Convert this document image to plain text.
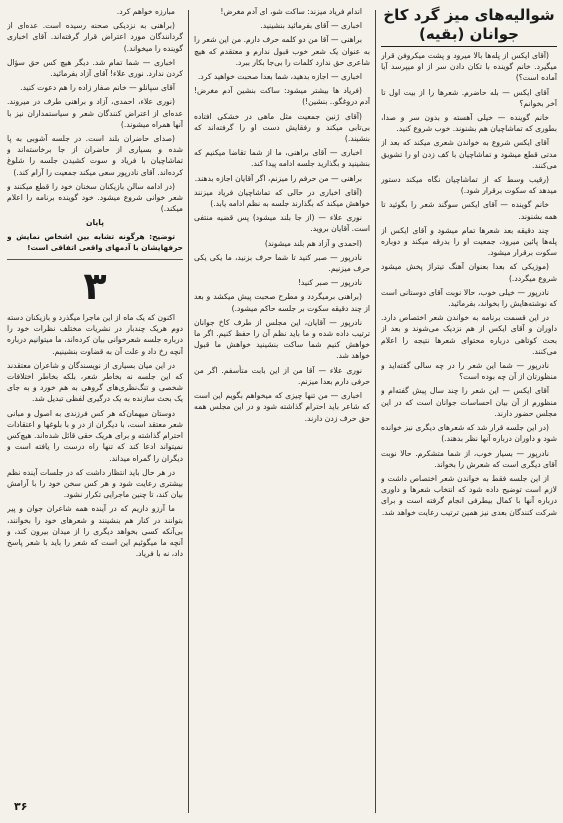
شوالیه‌های میز گرد کاخ جوانان (بقیه)

(آقای ایکس از پله‌ها بالا میرود و پشت میکروفن قرار میگیرد. خانم گوینده با تکان دادن سر از او میپرسد آیا آماده است؟)

آقای ایکس — بله حاضرم. شعرها را از بیت اول تا آخر بخوانم؟

خانم گوینده — خیلی آهسته و بدون سر و صدا، بطوری که تماشاچیان هم بشنوند. خوب شروع کنید.

آقای ایکس شروع به خواندن شعری میکند که بعد از مدتی قطع میشود و تماشاچیان با کف زدن او را تشویق می‌کنند.

(رقیب وسط که از تماشاچیان نگاه میکند دستور میدهد که سکوت برقرار شود.)

خانم گوینده — آقای ایکس سوگند شعر را بگوئید تا همه بشنوند.

چند دقیقه بعد شعرها تمام میشود و آقای ایکس از پله‌ها پائین میرود، جمعیت او را بدرقه میکند و دوباره سکوت برقرار میشود.

(موزیکی که بعدا بعنوان آهنگ تیتراژ پخش میشود شروع میگردد.)

نادرپور — خیلی خوب، حالا نوبت آقای دوستانی است که نوشته‌هایش را بخواند، بفرمائید.

در این قسمت برنامه به خواندن شعر اختصاص دارد. داوران و آقای ایکس از هم نزدیک می‌شوند و بعد از بحث کوتاهی درباره محتوای شعرها نتیجه را اعلام می‌کنند.

نادرپور — شما این شعر را در چه سالی گفته‌اید و منظورتان از آن چه بوده است؟

آقای ایکس — این شعر را چند سال پیش گفته‌ام و منظورم از آن بیان احساسات جوانان است که در این مجلس حضور دارند.

(در این جلسه قرار شد که شعرهای دیگری نیز خوانده شود و داوران درباره آنها نظر بدهند.)

نادرپور — بسیار خوب، از شما متشکرم. حالا نوبت آقای دیگری است که شعرش را بخواند.

از این جلسه فقط به خواندن شعر اختصاص داشت و لازم است توضیح داده شود که انتخاب شعرها و داوری درباره آنها با کمال بیطرفی انجام گرفته است و برای شرکت کنندگان بعدی نیز همین ترتیب رعایت خواهد شد.

اندام فریاد میزند: ساکت شو، ای آدم مغرض!

اخباری — آقای بفرمائید بنشینید.

براهنی — آقا من دو کلمه حرف دارم. من این شعر را به عنوان یک شعر خوب قبول ندارم و معتقدم که هیچ شاعری حق ندارد کلمات را بی‌جا بکار ببرد.

اخباری — اجازه بدهید، شما بعدا صحبت خواهید کرد.

(فریاد ها بیشتر میشود: ساکت بنشین آدم مغرض! آدم دروغگو.. بنشین!)

(آقای ژنین جمعیت مثل ماهی در خشکی افتاده بی‌تابی میکند و رفقایش دست او را گرفته‌اند که بنشیند.)

اخباری — آقای براهنی، ما از شما تقاضا میکنیم که بنشینید و بگذارید جلسه ادامه پیدا کند.

براهنی — من حرفم را میزنم، اگر آقایان اجازه بدهند.

(آقای اخباری در حالی که تماشاچیان فریاد میزنند خواهش میکند که بگذارند جلسه به نظم ادامه یابد.)

نوری علاء — (از جا بلند میشود) پس قضیه منتفی است. آقایان بروید.

(احمدی و آزاد هم بلند میشوند)

نادرپور — صبر کنید تا شما حرف بزنید، ما یکی یکی حرف میزنیم.

نادرپور — صبر کنید!

(براهنی برمیگردد و مطرح صحبت پیش میکشد و بعد از چند دقیقه سکوت بر جلسه حاکم میشود.)

نادرپور — آقایان، این مجلس از طرف کاخ جوانان ترتیب داده شده و ما باید نظم آن را حفظ کنیم. اگر ما خواهش کنیم شما ساکت بنشینید خواهش ما قبول خواهد شد.

نوری علاء — آقا من از این بابت متأسفم. اگر من حرفی دارم بعدا میزنم.

اخباری — من تنها چیزی که میخواهم بگویم این است که شاعر باید احترام گذاشته شود و در این مجلس همه حق حرف زدن دارند.

مبارزه خواهم کرد.

(براهنی به نزدیکی صحنه رسیده است. عده‌ای از گردانندگان مورد اعتراض قرار گرفته‌اند. آقای اخباری گوینده را میخواند.)

اخباری — شما تمام شد. دیگر هیچ کس حق سؤال کردن ندارد. نوری علاء! آقای آزاد بفرمائید.

آقای سپانلو — خانم صفار زاده را هم دعوت کنید.

(نوری علاء، احمدی، آزاد و براهنی طرف در میروند. عده‌ای از اعتراض کنندگان شعر و سیاستمداران نیز با آنها همراه میشوند.)

(صدای حاضران بلند است. در جلسه آشوبی به پا شده و بسیاری از حاضران از جا برخاسته‌اند و تماشاچیان با فریاد و سوت کشیدن جلسه را شلوغ کرده‌اند. آقای نادرپور سعی میکند جمعیت را آرام کند.)

(در ادامه سالن بازیکنان سخنان خود را قطع میکنند و شعر خوانی شروع میشود. خود گوینده برنامه را اعلام میکند.)

پایان
توضیح: هرگونه تشابه بین اشخاص نمایش و حرفهایشان با آدمهای واقعی اتفاقی است!
۳

اکنون که یک ماه از این ماجرا میگذرد و بازیکنان دسته دوم هریک چندبار در نشریات مختلف نظرات خود را درباره جلسه شعرخوانی بیان کرده‌اند، ما میتوانیم درباره آنچه رخ داد و علت آن به قضاوت بنشینیم.

در این میان بسیاری از نویسندگان و شاعران معتقدند که این جلسه نه بخاطر شعر، بلکه بخاطر اختلافات شخصی و تنگ‌نظری‌های گروهی به هم خورد و به جای یک بحث سازنده به یک درگیری لفظی تبدیل شد.

دوستان میهمان‌که هر کس فرزندی به اصول و مبانی شعر معتقد است، با دیگران از در و با بلوغها و اعتقادات احترام گذاشته و برای هریک حقی قائل شده‌اند. هیچ‌کس نمیتواند ادعا کند که تنها راه درست را یافته است و دیگران را گمراه میداند.

در هر حال باید انتظار داشت که در جلسات آینده نظم بیشتری رعایت شود و هر کس سخن خود را با آرامش بیان کند، تا چنین ماجرایی تکرار نشود.

ما آرزو داریم که در آینده همه شاعران جوان و پیر بتوانند در کنار هم بنشینند و شعرهای خود را بخوانند، بی‌آنکه کسی بخواهد دیگری را از میدان بیرون کند، و آنچه ما میگوئیم این است که شعر را باید با شعر پاسخ داد، نه با فریاد.

۳۶
